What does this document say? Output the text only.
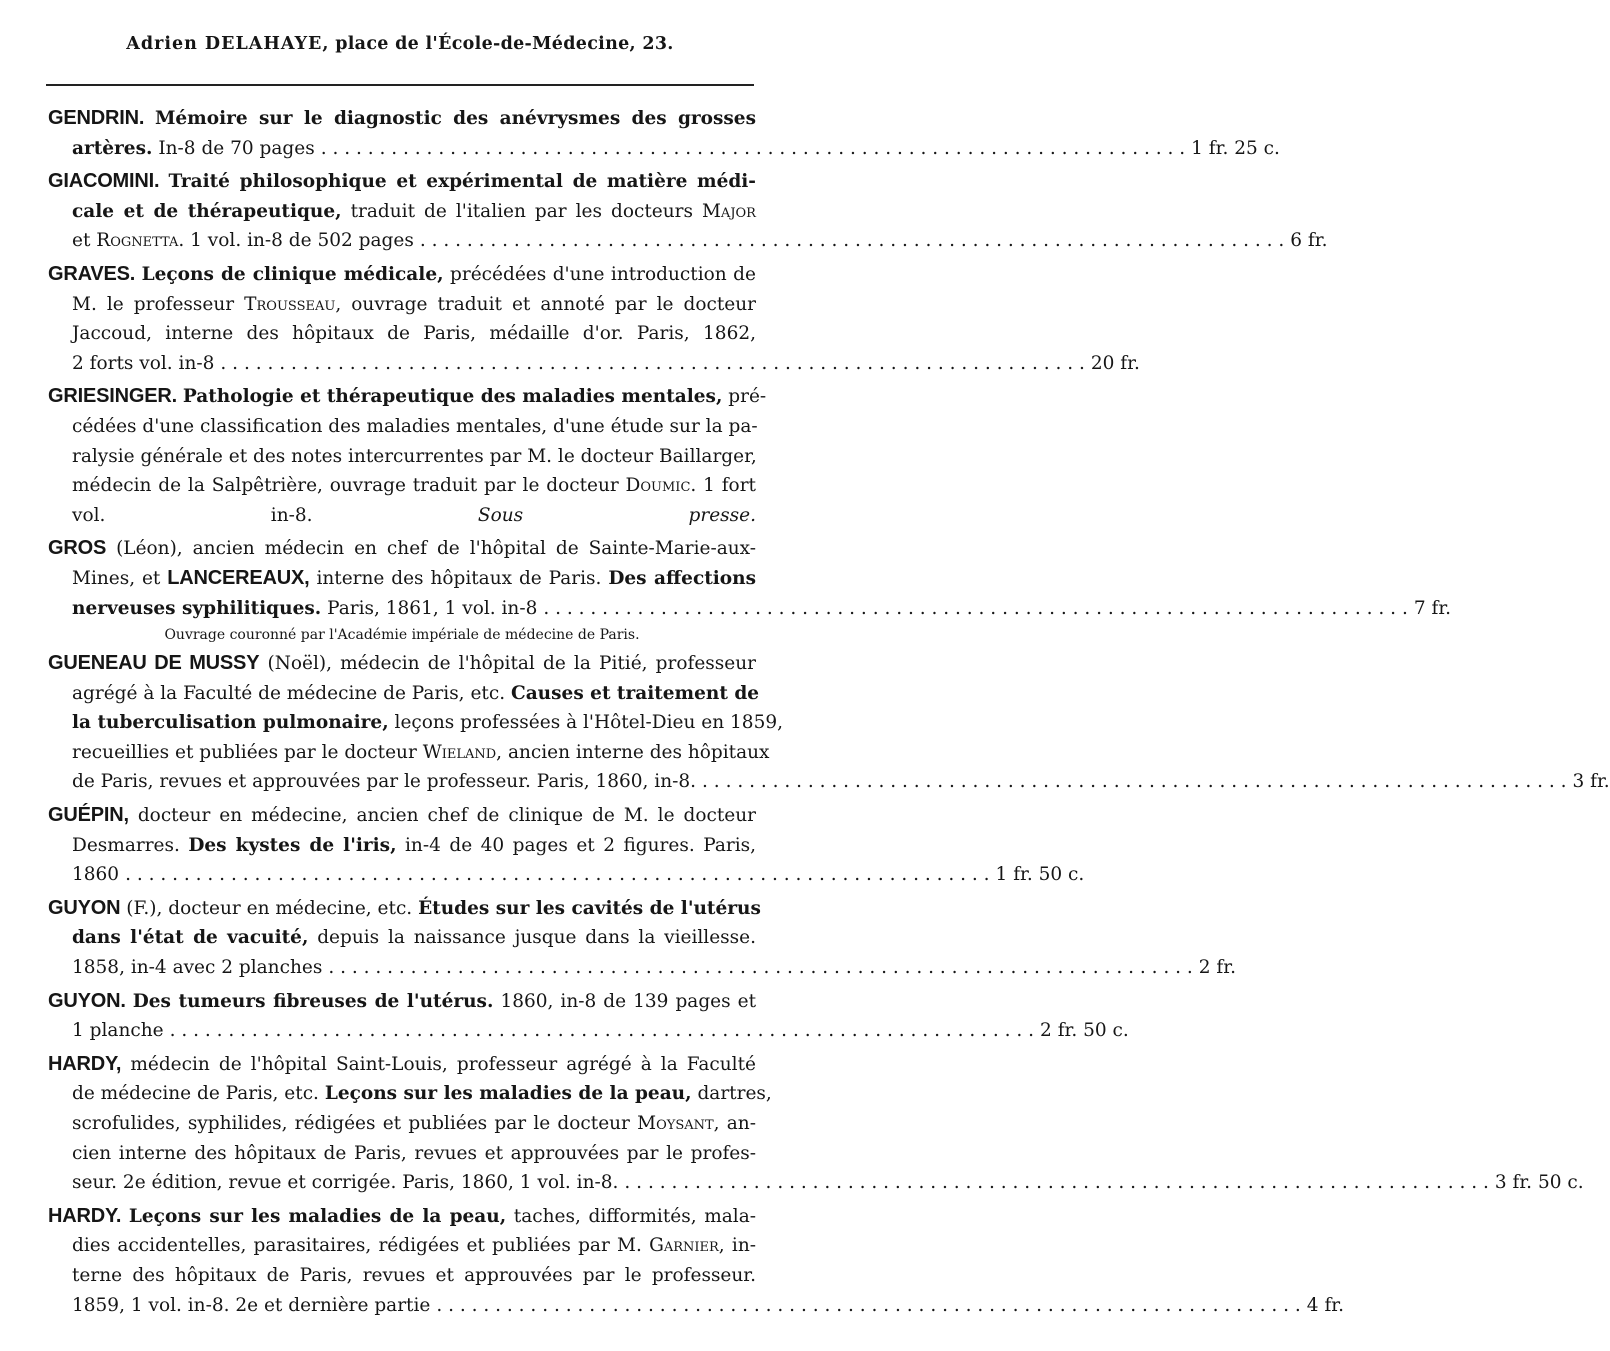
Adrien DELAHAYE, place de l'École-de-Médecine, 23.
GENDRIN. Mémoire sur le diagnostic des anévrysmes des grosses
artères. In-8 de 70 pages . . .	1 fr. 25 c.
GIACOMINI. Traité philosophique et expérimental de matière médi-
cale et de thérapeutique, traduit de l'italien par les docteurs Major
et Rognetta. 1 vol. in-8 de 502 pages . . .	6 fr.
GRAVES. Leçons de clinique médicale, précédées d'une introduction de
M. le professeur Trousseau, ouvrage traduit et annoté par le docteur
Jaccoud, interne des hôpitaux de Paris, médaille d'or. Paris, 1862,
2 forts vol. in-8 . . .	20 fr.
GRIESINGER. Pathologie et thérapeutique des maladies mentales, pré-
cédées d'une classification des maladies mentales, d'une étude sur la pa-
ralysie générale et des notes intercurrentes par M. le docteur Baillarger,
médecin de la Salpêtrière, ouvrage traduit par le docteur Doumic. 1 fort
vol. in-8.	Sous presse.
GROS (Léon), ancien médecin en chef de l'hôpital de Sainte-Marie-aux-
Mines, et LANCEREAUX, interne des hôpitaux de Paris. Des affections
nerveuses syphilitiques. Paris, 1861, 1 vol. in-8 . . .	7 fr.
Ouvrage couronné par l'Académie impériale de médecine de Paris.
GUENEAU DE MUSSY (Noël), médecin de l'hôpital de la Pitié, professeur
agrégé à la Faculté de médecine de Paris, etc. Causes et traitement de
la tuberculisation pulmonaire, leçons professées à l'Hôtel-Dieu en 1859,
recueillies et publiées par le docteur Wieland, ancien interne des hôpitaux
de Paris, revues et approuvées par le professeur. Paris, 1860, in-8. . . .	3 fr.
GUÉPIN, docteur en médecine, ancien chef de clinique de M. le docteur
Desmarres. Des kystes de l'iris, in-4 de 40 pages et 2 figures. Paris,
1860 . . .	1 fr. 50 c.
GUYON (F.), docteur en médecine, etc. Études sur les cavités de l'utérus
dans l'état de vacuité, depuis la naissance jusque dans la vieillesse.
1858, in-4 avec 2 planches . . .	2 fr.
GUYON. Des tumeurs fibreuses de l'utérus. 1860, in-8 de 139 pages et
1 planche . . .	2 fr. 50 c.
HARDY, médecin de l'hôpital Saint-Louis, professeur agrégé à la Faculté
de médecine de Paris, etc. Leçons sur les maladies de la peau, dartres,
scrofulides, syphilides, rédigées et publiées par le docteur Moysant, an-
cien interne des hôpitaux de Paris, revues et approuvées par le profes-
seur. 2e édition, revue et corrigée. Paris, 1860, 1 vol. in-8. . . .	3 fr. 50 c.
HARDY. Leçons sur les maladies de la peau, taches, difformités, mala-
dies accidentelles, parasitaires, rédigées et publiées par M. Garnier, in-
terne des hôpitaux de Paris, revues et approuvées par le professeur.
1859, 1 vol. in-8. 2e et dernière partie . . .	4 fr.
